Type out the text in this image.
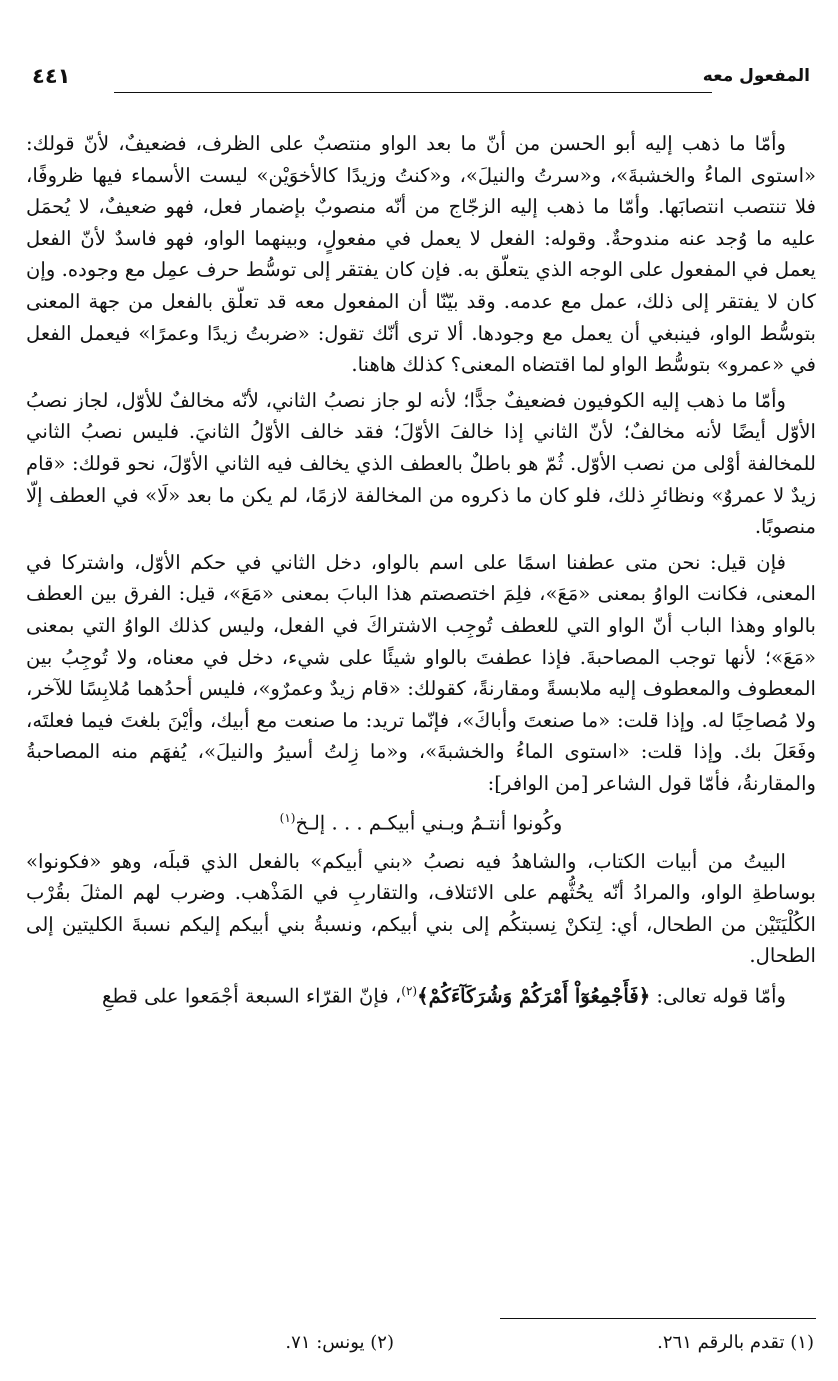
المفعول معه
٤٤١

وأمّا ما ذهب إليه أبو الحسن من أنّ ما بعد الواو منتصبٌ على الظرف، فضعيفٌ، لأنّ قولك: «استوى الماءُ والخشبةَ»، و«سرتُ والنيلَ»، و«كنتُ وزيدًا كالأخوَيْن» ليست الأسماء فيها ظروفًا، فلا تنتصب انتصابَها. وأمّا ما ذهب إليه الزجّاج من أنّه منصوبٌ بإضمار فعل، فهو ضعيفٌ، لا يُحمَل عليه ما وُجد عنه مندوحةٌ. وقوله: الفعل لا يعمل في مفعولٍ، وبينهما الواو، فهو فاسدٌ لأنّ الفعل يعمل في المفعول على الوجه الذي يتعلّق به. فإن كان يفتقر إلى توسُّط حرف عمِل مع وجوده. وإن كان لا يفتقر إلى ذلك، عمل مع عدمه. وقد بيّنّا أن المفعول معه قد تعلّق بالفعل من جهة المعنى بتوسُّط الواو، فينبغي أن يعمل مع وجودها. ألا ترى أنّك تقول: «ضربتُ زيدًا وعمرًا» فيعمل الفعل في «عمرو» بتوسُّط الواو لما اقتضاه المعنى؟ كذلك هاهنا.

وأمّا ما ذهب إليه الكوفيون فضعيفٌ جدًّا؛ لأنه لو جاز نصبُ الثاني، لأنّه مخالفٌ للأوّل، لجاز نصبُ الأوّل أيضًا لأنه مخالفٌ؛ لأنّ الثاني إذا خالفَ الأوّلَ؛ فقد خالف الأوّلُ الثانيَ. فليس نصبُ الثاني للمخالفة أوْلى من نصب الأوّل. ثُمّ هو باطلٌ بالعطف الذي يخالف فيه الثاني الأوّلَ، نحو قولك: «قام زيدٌ لا عمروٌ» ونظائرِ ذلك، فلو كان ما ذكروه من المخالفة لازمًا، لم يكن ما بعد «لَا» في العطف إلّا منصوبًا.

فإن قيل: نحن متى عطفنا اسمًا على اسم بالواو، دخل الثاني في حكم الأوّل، واشتركا في المعنى، فكانت الواوُ بمعنى «مَعَ»، فلِمَ اختصصتم هذا البابَ بمعنى «مَعَ»، قيل: الفرق بين العطف بالواو وهذا الباب أنّ الواو التي للعطف تُوجِب الاشتراكَ في الفعل، وليس كذلك الواوُ التي بمعنى «مَعَ»؛ لأنها توجب المصاحبةَ. فإذا عطفتَ بالواو شيئًا على شيء، دخل في معناه، ولا تُوجِبُ بين المعطوف والمعطوف إليه ملابسةً ومقارنةً، كقولك: «قام زيدٌ وعمرٌو»، فليس أحدُهما مُلابِسًا للآخر، ولا مُصاحِبًا له. وإذا قلت: «ما صنعتَ وأباكَ»، فإنّما تريد: ما صنعت مع أبيك، وأيْنَ بلغتَ فيما فعلتَه، وفَعَلَ بك. وإذا قلت: «استوى الماءُ والخشبةَ»، و«ما زِلتُ أسيرُ والنيلَ»، يُفهَم منه المصاحبةُ والمقارنةُ، فأمّا قول الشاعر [من الوافر]:

وكُونوا أنتـمُ وبـني أبيكـم . . . إلـخ$^{(١)}$

البيتُ من أبيات الكتاب، والشاهدُ فيه نصبُ «بني أبيكم» بالفعل الذي قبلَه، وهو «فكونوا» بوساطةِ الواو، والمرادُ أنّه يحُثُّهم على الائتلاف، والتقاربِ في المَذْهب. وضرب لهم المثلَ بقُرْب الكُلْيَتَيْن من الطحال، أي: لِتكنْ نِسبتكُم إلى بني أبيكم، ونسبةُ بني أبيكم إليكم نسبةَ الكليتين إلى الطحال.

وأمّا قوله تعالى: ﴿فَأَجْمِعُوٓاْ أَمْرَكُمْ وَشُرَكَآءَكُمْ﴾$^{(٢)}$، فإنّ القرّاء السبعة أجْمَعوا على قطعِ

(١) تقدم بالرقم ٢٦١.
(٢) يونس: ٧١.
